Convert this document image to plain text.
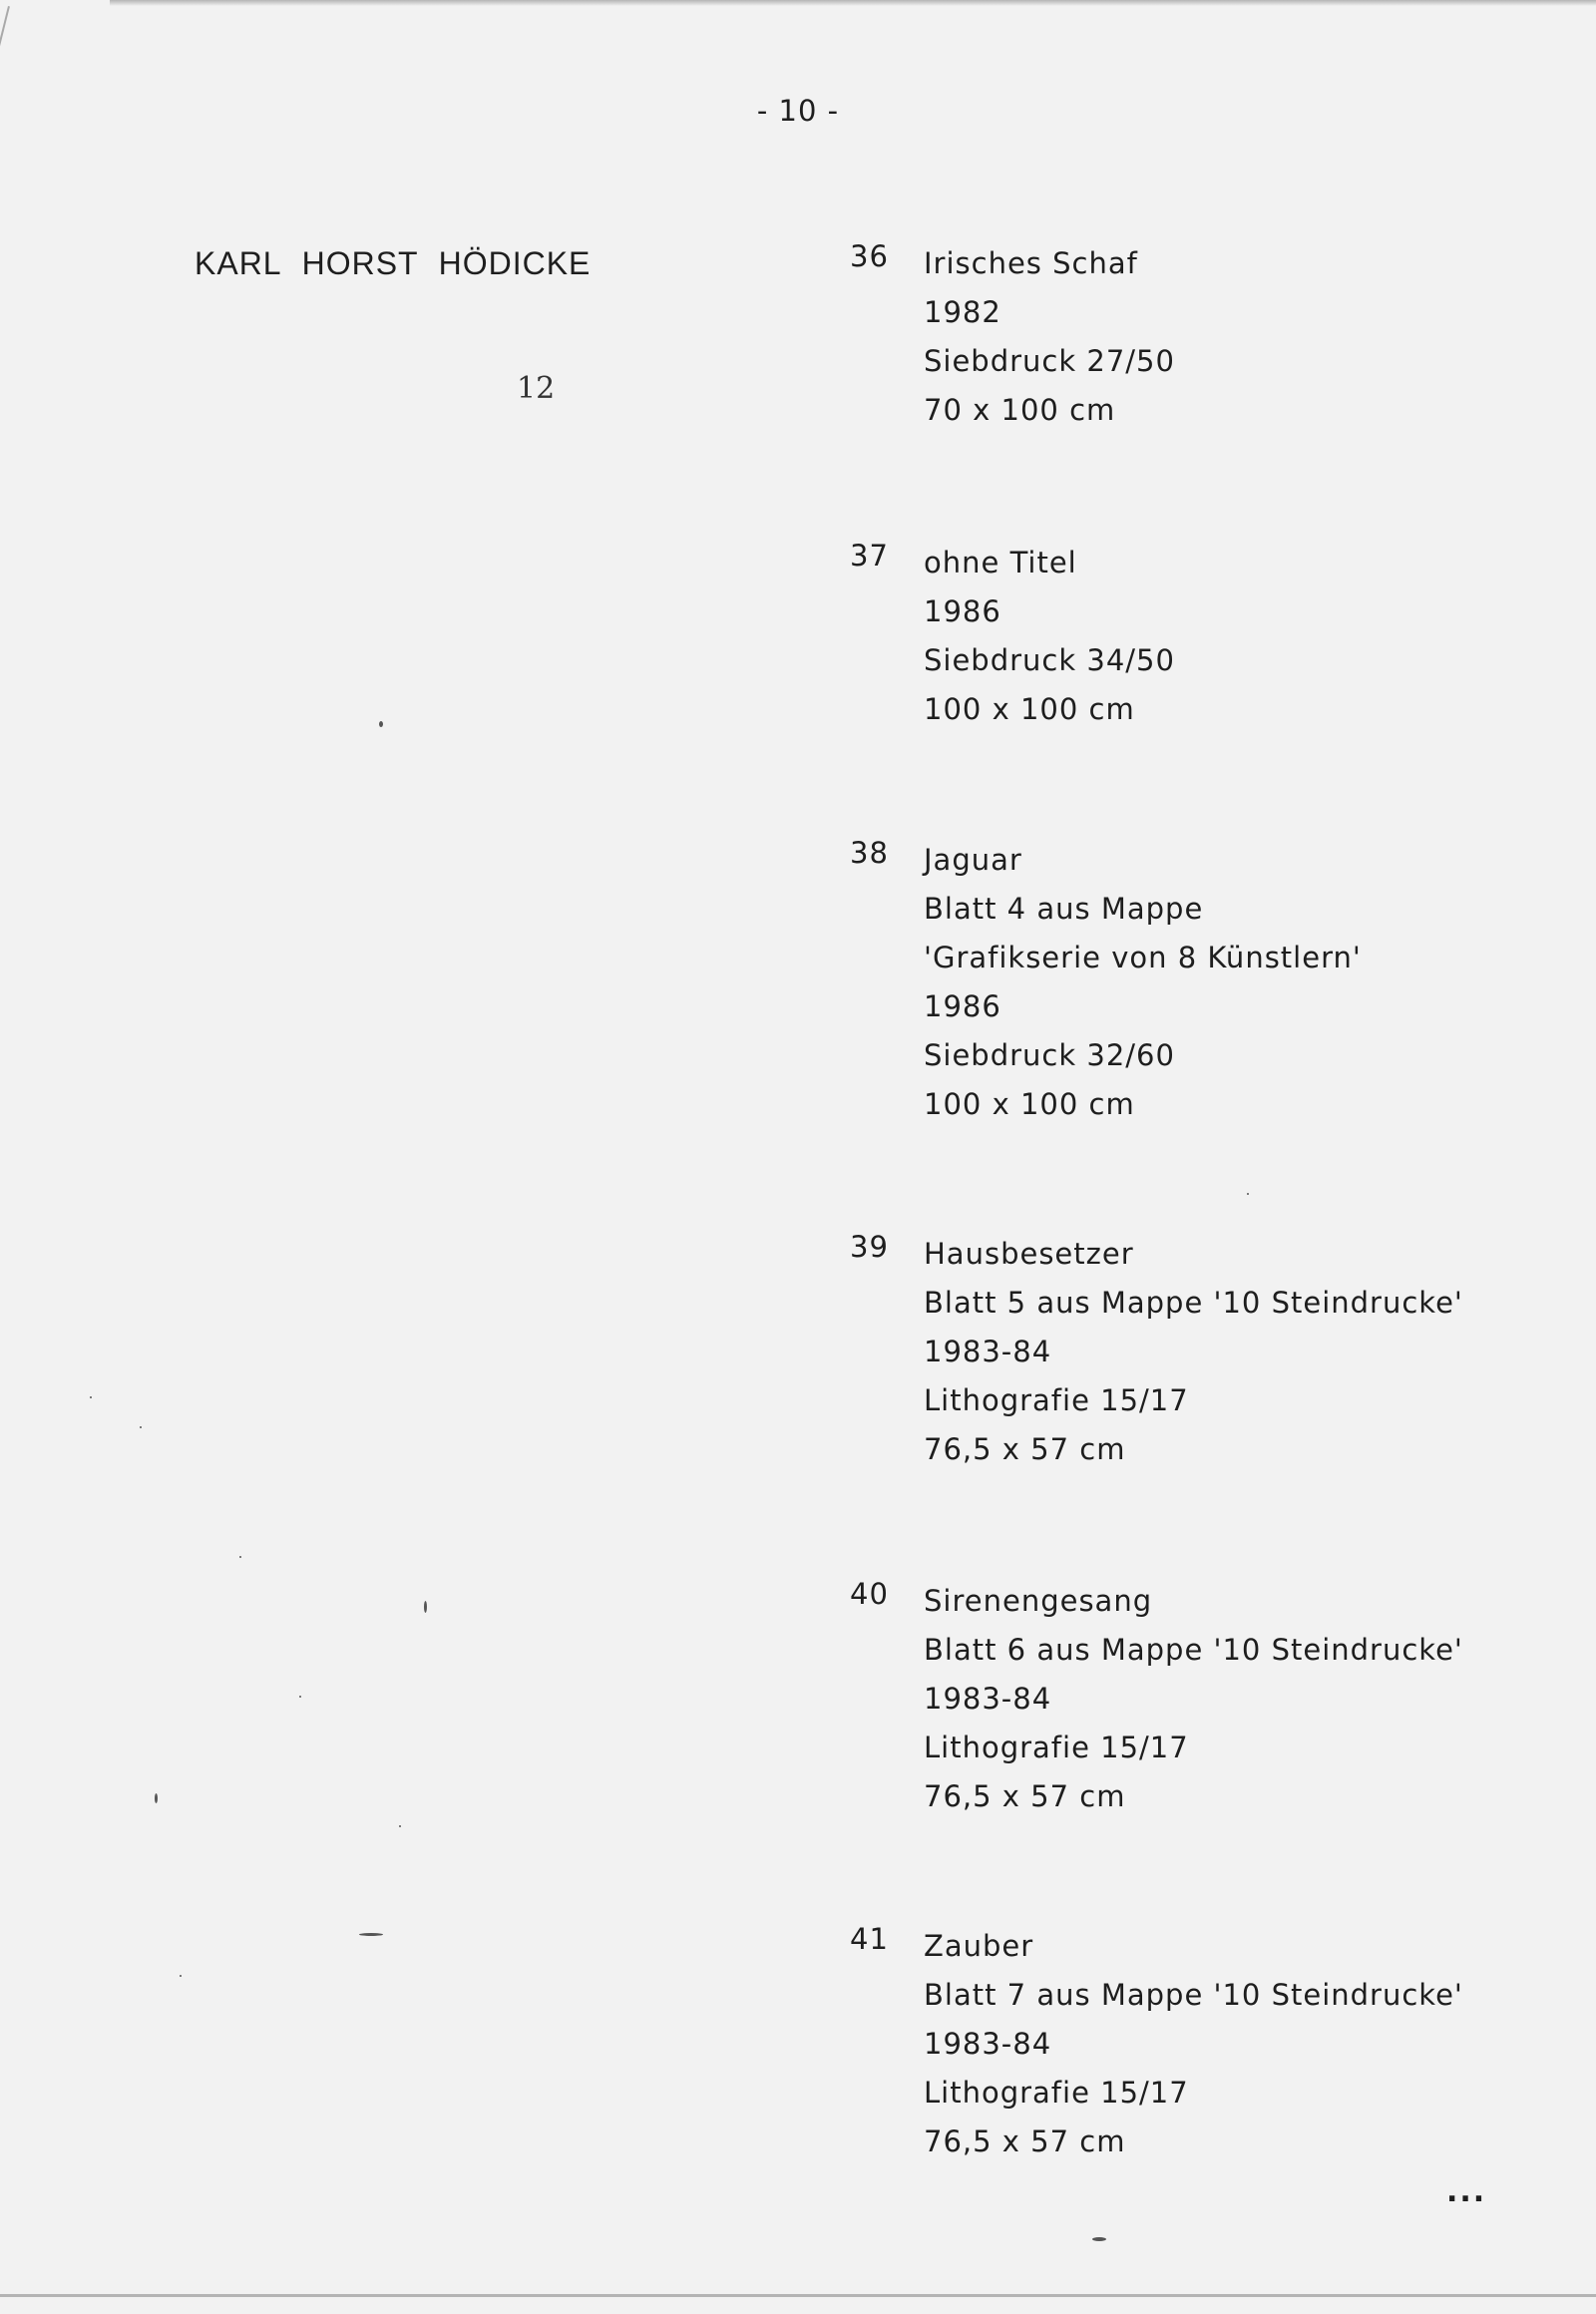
- 10 -
KARL HORST HÖDICKE
12
36	Irisches Schaf
1982
Siebdruck 27/50
70 x 100 cm
37	ohne Titel
1986
Siebdruck 34/50
100 x 100 cm
38	Jaguar
Blatt 4 aus Mappe
'Grafikserie von 8 Künstlern'
1986
Siebdruck 32/60
100 x 100 cm
39	Hausbesetzer
Blatt 5 aus Mappe '10 Steindrucke'
1983-84
Lithografie 15/17
76,5 x 57 cm
40	Sirenengesang
Blatt 6 aus Mappe '10 Steindrucke'
1983-84
Lithografie 15/17
76,5 x 57 cm
41	Zauber
Blatt 7 aus Mappe '10 Steindrucke'
1983-84
Lithografie 15/17
76,5 x 57 cm
...
